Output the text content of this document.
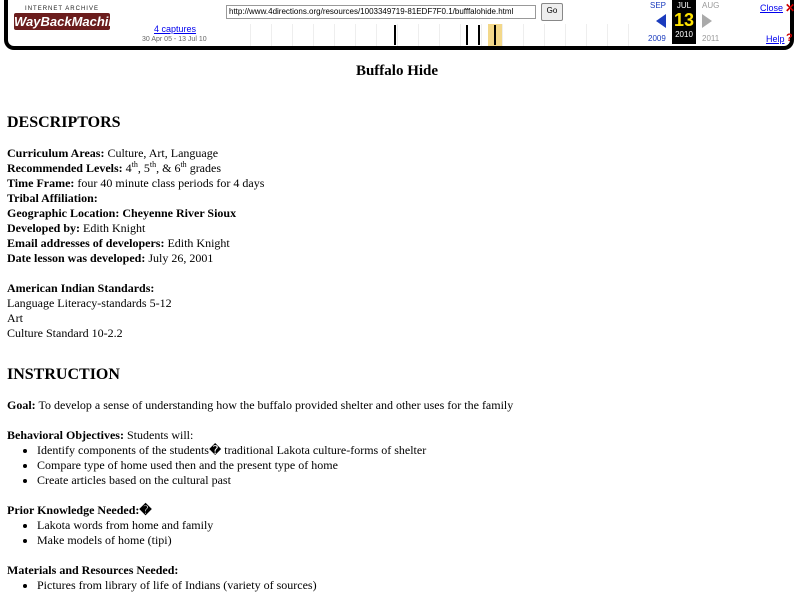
INTERNET ARCHIVE
WayBackMachine	4 captures
30 Apr 05 - 13 Jul 10
http://www.4directions.org/resources/1003349719-81EDF7F0.1/bufffalohide.html	Go
SEP
2009
JUL
13
2010
AUG
2011
Close ✕
Help ?

Buffalo Hide

DESCRIPTORS

Curriculum Areas: Culture, Art, Language

Recommended Levels: 4th, 5th, & 6th grades

Time Frame: four 40 minute class periods for 4 days

Tribal Affiliation:

Geographic Location: Cheyenne River Sioux

Developed by: Edith Knight

Email addresses of developers: Edith Knight

Date lesson was developed: July 26, 2001

American Indian Standards:

Language Literacy-standards 5-12

Art

Culture Standard 10-2.2

INSTRUCTION

Goal: To develop a sense of understanding how the buffalo provided shelter and other uses for the family

Behavioral Objectives: Students will:

• Identify components of the students� traditional Lakota culture-forms of shelter
• Compare type of home used then and the present type of home
• Create articles based on the cultural past

Prior Knowledge Needed:�

• Lakota words from home and family
• Make models of home (tipi)

Materials and Resources Needed:

• Pictures from library of life of Indians (variety of sources)
